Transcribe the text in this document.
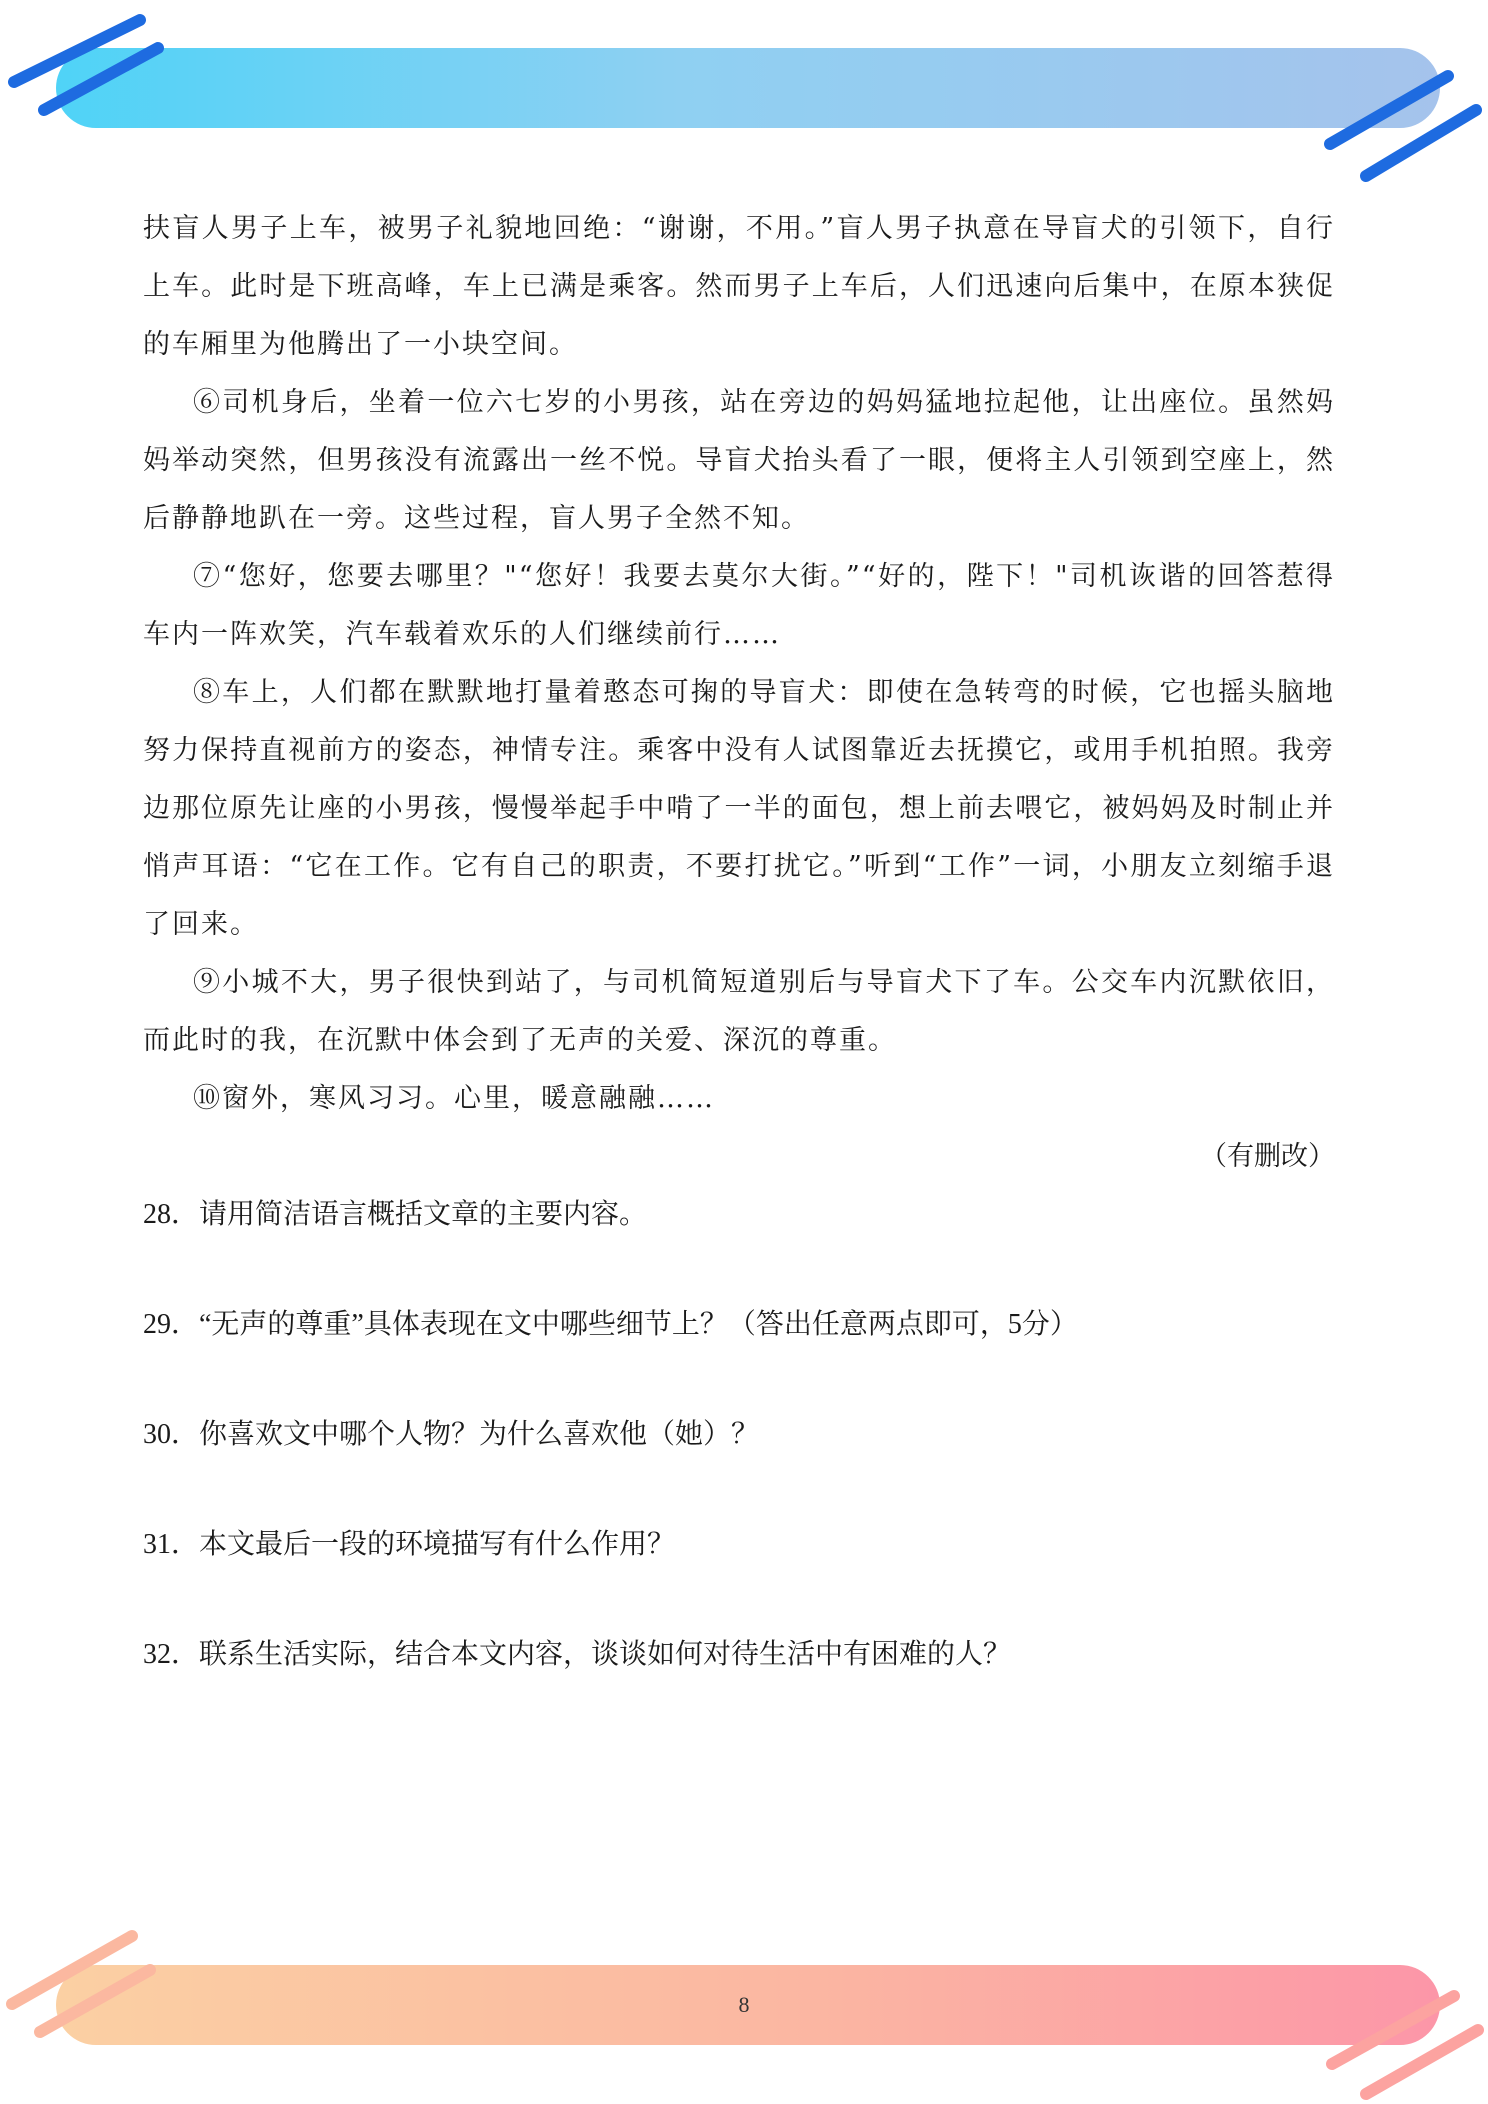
扶盲人男子上车，被男子礼貌地回绝：“谢谢，不用。”盲人男子执意在导盲犬的引领下，自行上车。此时是下班高峰，车上已满是乘客。然而男子上车后，人们迅速向后集中，在原本狭促的车厢里为他腾出了一小块空间。

⑥司机身后，坐着一位六七岁的小男孩，站在旁边的妈妈猛地拉起他，让出座位。虽然妈妈举动突然，但男孩没有流露出一丝不悦。导盲犬抬头看了一眼，便将主人引领到空座上，然后静静地趴在一旁。这些过程，盲人男子全然不知。

⑦“您好，您要去哪里？"“您好！我要去莫尔大街。”“好的，陛下！"司机诙谐的回答惹得车内一阵欢笑，汽车载着欢乐的人们继续前行……

⑧车上，人们都在默默地打量着憨态可掬的导盲犬：即使在急转弯的时候，它也摇头脑地努力保持直视前方的姿态，神情专注。乘客中没有人试图靠近去抚摸它，或用手机拍照。我旁边那位原先让座的小男孩，慢慢举起手中啃了一半的面包，想上前去喂它，被妈妈及时制止并悄声耳语：“它在工作。它有自己的职责，不要打扰它。”听到“工作”一词，小朋友立刻缩手退了回来。

⑨小城不大，男子很快到站了，与司机简短道别后与导盲犬下了车。公交车内沉默依旧，而此时的我，在沉默中体会到了无声的关爱、深沉的尊重。

⑩窗外，寒风习习。心里，暖意融融……

（有删改）

28．请用简洁语言概括文章的主要内容。

29．“无声的尊重”具体表现在文中哪些细节上？（答出任意两点即可，5分）

30．你喜欢文中哪个人物？为什么喜欢他（她）？

31．本文最后一段的环境描写有什么作用？

32．联系生活实际，结合本文内容，谈谈如何对待生活中有困难的人？

8
